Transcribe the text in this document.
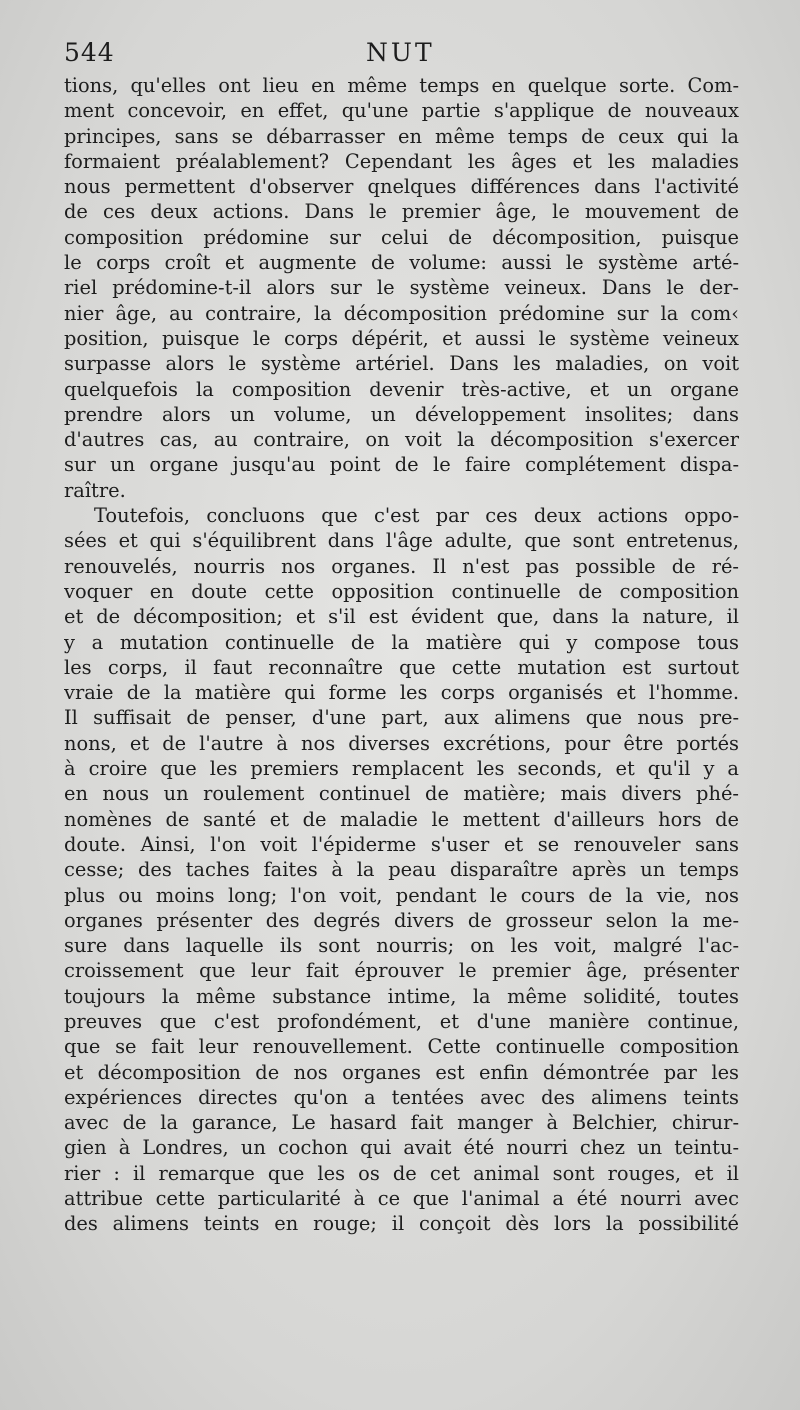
544	NUT
tions, qu'elles ont lieu en même temps en quelque sorte. Com-
ment concevoir, en effet, qu'une partie s'applique de nouveaux
principes, sans se débarrasser en même temps de ceux qui la
formaient préalablement? Cependant les âges et les maladies
nous permettent d'observer qnelques différences dans l'activité
de ces deux actions. Dans le premier âge, le mouvement de
composition prédomine sur celui de décomposition, puisque
le corps croît et augmente de volume: aussi le système arté-
riel prédomine-t-il alors sur le système veineux. Dans le der-
nier âge, au contraire, la décomposition prédomine sur la com‹
position, puisque le corps dépérit, et aussi le système veineux
surpasse alors le système artériel. Dans les maladies, on voit
quelquefois la composition devenir très-active, et un organe
prendre alors un volume, un développement insolites; dans
d'autres cas, au contraire, on voit la décomposition s'exercer
sur un organe jusqu'au point de le faire complétement dispa-
raître.
Toutefois, concluons que c'est par ces deux actions oppo-
sées et qui s'équilibrent dans l'âge adulte, que sont entretenus,
renouvelés, nourris nos organes. Il n'est pas possible de ré-
voquer en doute cette opposition continuelle de composition
et de décomposition; et s'il est évident que, dans la nature, il
y a mutation continuelle de la matière qui y compose tous
les corps, il faut reconnaître que cette mutation est surtout
vraie de la matière qui forme les corps organisés et l'homme.
Il suffisait de penser, d'une part, aux alimens que nous pre-
nons, et de l'autre à nos diverses excrétions, pour être portés
à croire que les premiers remplacent les seconds, et qu'il y a
en nous un roulement continuel de matière; mais divers phé-
nomènes de santé et de maladie le mettent d'ailleurs hors de
doute. Ainsi, l'on voit l'épiderme s'user et se renouveler sans
cesse; des taches faites à la peau disparaître après un temps
plus ou moins long; l'on voit, pendant le cours de la vie, nos
organes présenter des degrés divers de grosseur selon la me-
sure dans laquelle ils sont nourris; on les voit, malgré l'ac-
croissement que leur fait éprouver le premier âge, présenter
toujours la même substance intime, la même solidité, toutes
preuves que c'est profondément, et d'une manière continue,
que se fait leur renouvellement. Cette continuelle composition
et décomposition de nos organes est enfin démontrée par les
expériences directes qu'on a tentées avec des alimens teints
avec de la garance, Le hasard fait manger à Belchier, chirur-
gien à Londres, un cochon qui avait été nourri chez un teintu-
rier : il remarque que les os de cet animal sont rouges, et il
attribue cette particularité à ce que l'animal a été nourri avec
des alimens teints en rouge; il conçoit dès lors la possibilité
